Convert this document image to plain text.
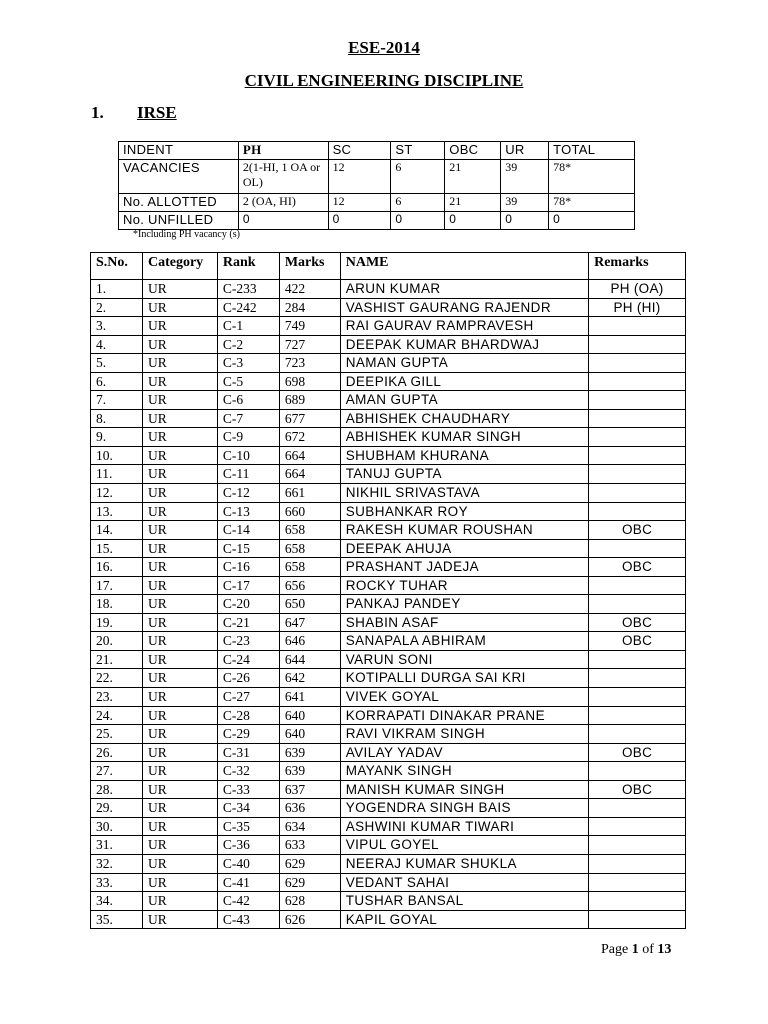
ESE-2014
CIVIL ENGINEERING DISCIPLINE
1. IRSE
INDENT	PH	SC	ST	OBC	UR	TOTAL
VACANCIES	2(1-HI, 1 OA or OL)	12	6	21	39	78*
No. ALLOTTED	2 (OA, HI)	12	6	21	39	78*
No. UNFILLED	0	0	0	0	0	0
*Including PH vacancy (s)
S.No.	Category	Rank	Marks	NAME	Remarks
1.	UR	C-233	422	ARUN KUMAR	PH (OA)
2.	UR	C-242	284	VASHIST GAURANG RAJENDR	PH (HI)
3.	UR	C-1	749	RAI GAURAV RAMPRAVESH	
4.	UR	C-2	727	DEEPAK KUMAR BHARDWAJ	
5.	UR	C-3	723	NAMAN GUPTA	
6.	UR	C-5	698	DEEPIKA GILL	
7.	UR	C-6	689	AMAN GUPTA	
8.	UR	C-7	677	ABHISHEK CHAUDHARY	
9.	UR	C-9	672	ABHISHEK KUMAR SINGH	
10.	UR	C-10	664	SHUBHAM KHURANA	
11.	UR	C-11	664	TANUJ GUPTA	
12.	UR	C-12	661	NIKHIL SRIVASTAVA	
13.	UR	C-13	660	SUBHANKAR ROY	
14.	UR	C-14	658	RAKESH KUMAR ROUSHAN	OBC
15.	UR	C-15	658	DEEPAK AHUJA	
16.	UR	C-16	658	PRASHANT JADEJA	OBC
17.	UR	C-17	656	ROCKY TUHAR	
18.	UR	C-20	650	PANKAJ PANDEY	
19.	UR	C-21	647	SHABIN ASAF	OBC
20.	UR	C-23	646	SANAPALA ABHIRAM	OBC
21.	UR	C-24	644	VARUN SONI	
22.	UR	C-26	642	KOTIPALLI DURGA SAI KRI	
23.	UR	C-27	641	VIVEK GOYAL	
24.	UR	C-28	640	KORRAPATI DINAKAR PRANE	
25.	UR	C-29	640	RAVI VIKRAM SINGH	
26.	UR	C-31	639	AVILAY YADAV	OBC
27.	UR	C-32	639	MAYANK SINGH	
28.	UR	C-33	637	MANISH KUMAR SINGH	OBC
29.	UR	C-34	636	YOGENDRA SINGH BAIS	
30.	UR	C-35	634	ASHWINI KUMAR TIWARI	
31.	UR	C-36	633	VIPUL GOYEL	
32.	UR	C-40	629	NEERAJ KUMAR SHUKLA	
33.	UR	C-41	629	VEDANT SAHAI	
34.	UR	C-42	628	TUSHAR BANSAL	
35.	UR	C-43	626	KAPIL GOYAL	
Page 1 of 13
